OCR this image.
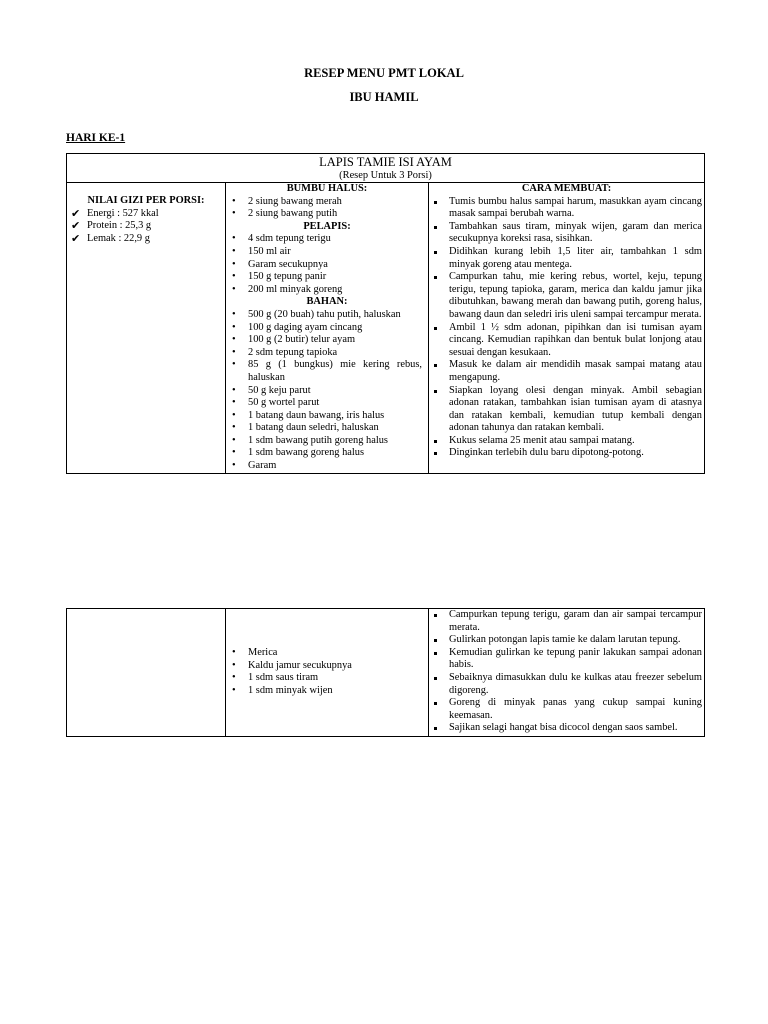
RESEP MENU PMT LOKAL
IBU HAMIL
HARI KE-1
LAPIS TAMIE ISI AYAM
(Resep Untuk 3 Porsi)
NILAI GIZI PER PORSI:
✔ Energi : 527 kkal
✔ Protein : 25,3 g
✔ Lemak : 22,9 g
BUMBU HALUS:
• 2 siung bawang merah
• 2 siung bawang putih
PELAPIS:
• 4 sdm tepung terigu
• 150 ml air
• Garam secukupnya
• 150 g tepung panir
• 200 ml minyak goreng
BAHAN:
• 500 g (20 buah) tahu putih, haluskan
• 100 g daging ayam cincang
• 100 g (2 butir) telur ayam
• 2 sdm tepung tapioka
• 85 g (1 bungkus) mie kering rebus, haluskan
• 50 g keju parut
• 50 g wortel parut
• 1 batang daun bawang, iris halus
• 1 batang daun seledri, haluskan
• 1 sdm bawang putih goreng halus
• 1 sdm bawang goreng halus
• Garam
CARA MEMBUAT:
Tumis bumbu halus sampai harum, masukkan ayam cincang masak sampai berubah warna.
Tambahkan saus tiram, minyak wijen, garam dan merica secukupnya koreksi rasa, sisihkan.
Didihkan kurang lebih 1,5 liter air, tambahkan 1 sdm minyak goreng atau mentega.
Campurkan tahu, mie kering rebus, wortel, keju, tepung terigu, tepung tapioka, garam, merica dan kaldu jamur jika dibutuhkan, bawang merah dan bawang putih, goreng halus, bawang daun dan seledri iris uleni sampai tercampur merata.
Ambil 1 ½ sdm adonan, pipihkan dan isi tumisan ayam cincang. Kemudian rapihkan dan bentuk bulat lonjong atau sesuai dengan kesukaan.
Masuk ke dalam air mendidih masak sampai matang atau mengapung.
Siapkan loyang olesi dengan minyak. Ambil sebagian adonan ratakan, tambahkan isian tumisan ayam di atasnya dan ratakan kembali, kemudian tutup kembali dengan adonan tahunya dan ratakan kembali.
Kukus selama 25 menit atau sampai matang.
Dinginkan terlebih dulu baru dipotong-potong.
• Merica
• Kaldu jamur secukupnya
• 1 sdm saus tiram
• 1 sdm minyak wijen
Campurkan tepung terigu, garam dan air sampai tercampur merata.
Gulirkan potongan lapis tamie ke dalam larutan tepung.
Kemudian gulirkan ke tepung panir lakukan sampai adonan habis.
Sebaiknya dimasukkan dulu ke kulkas atau freezer sebelum digoreng.
Goreng di minyak panas yang cukup sampai kuning keemasan.
Sajikan selagi hangat bisa dicocol dengan saos sambel.
